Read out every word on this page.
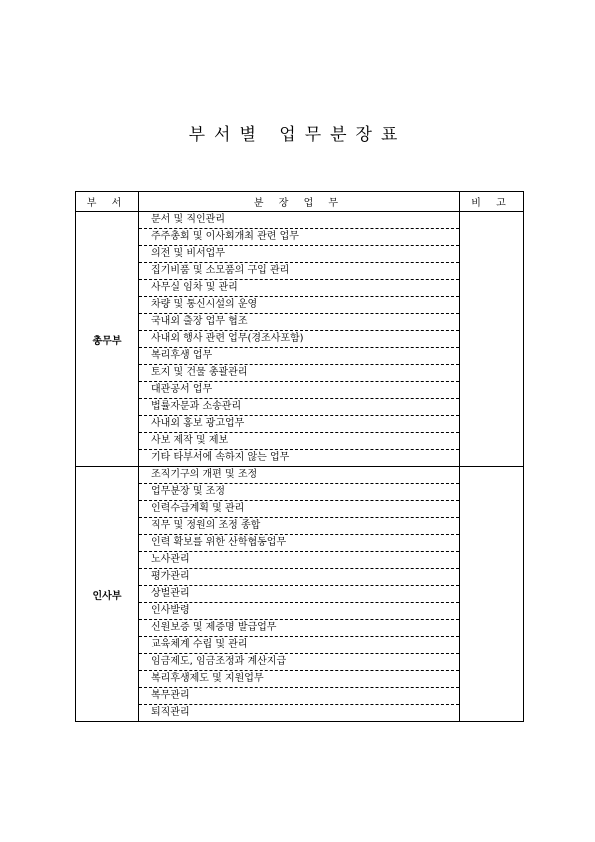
부서별 업무분장표
부 서	분 장 업 무	비 고
총무부	문서 및 직인관리	
	주주총회 및 이사회개최 관련 업무	
	의전 및 비서업무	
	집기비품 및 소모품의 구입 관리	
	사무실 임차 및 관리	
	차량 및 통신시설의 운영	
	국내외 출장 업무 협조	
	사내외 행사 관련 업무(경조사포함)	
	복리후생 업무	
	토지 및 건물 총괄관리	
	대관공서 업무	
	법률자문과 소송관리	
	사내외 홍보 광고업무	
	사보 제작 및 제보	
	기타 타부서에 속하지 않는 업무	
인사부	조직기구의 개편 및 조정	
	업무분장 및 조정	
	인력수급계획 및 관리	
	직무 및 정원의 조정 종합	
	인력 확보를 위한 산학협동업무	
	노사관리	
	평가관리	
	상벌관리	
	인사발령	
	신원보증 및 제증명 발급업무	
	교육체계 수립 및 관리	
	임금제도, 임금조정과 계산지급	
	복리후생제도 및 지원업무	
	복무관리	
	퇴직관리	
